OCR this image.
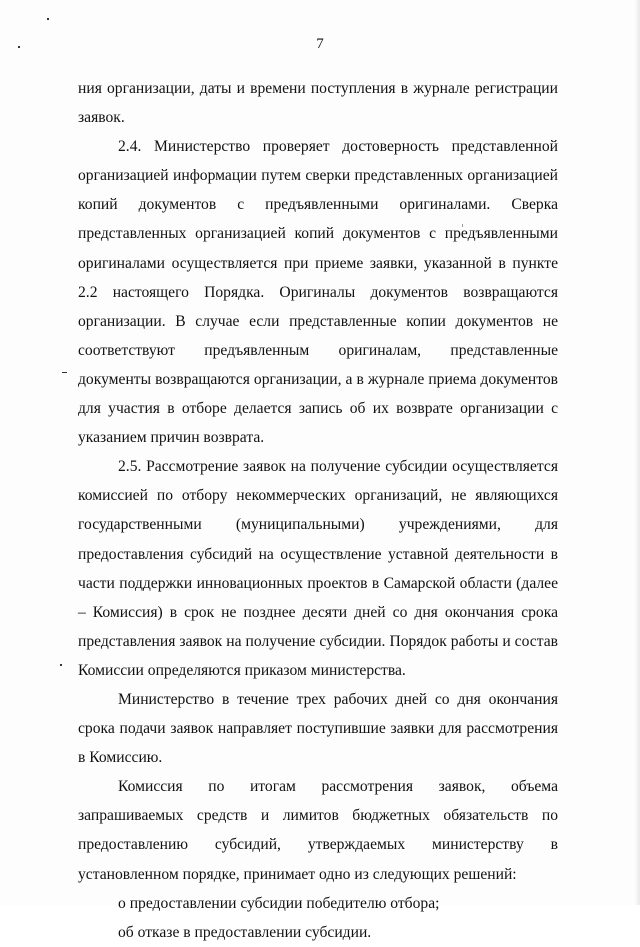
7

ния организации, даты и времени поступления в журнале регистрации заявок.

2.4. Министерство проверяет достоверность представленной организацией информации путем сверки представленных организацией копий документов с предъявленными оригиналами. Сверка представленных организацией копий документов с предъявленными оригиналами осуществляется при приеме заявки, указанной в пункте 2.2 настоящего Порядка. Оригиналы документов возвращаются организации. В случае если представленные копии документов не соответствуют предъявленным оригиналам, представленные документы возвращаются организации, а в журнале приема документов для участия в отборе делается запись об их возврате организации с указанием причин возврата.

2.5. Рассмотрение заявок на получение субсидии осуществляется комиссией по отбору некоммерческих организаций, не являющихся государственными (муниципальными) учреждениями, для предоставления субсидий на осуществление уставной деятельности в части поддержки инновационных проектов в Самарской области (далее – Комиссия) в срок не позднее десяти дней со дня окончания срока представления заявок на получение субсидии. Порядок работы и состав Комиссии определяются приказом министерства.

Министерство в течение трех рабочих дней со дня окончания срока подачи заявок направляет поступившие заявки для рассмотрения в Комиссию.

Комиссия по итогам рассмотрения заявок, объема запрашиваемых средств и лимитов бюджетных обязательств по предоставлению субсидий, утверждаемых министерству в установленном порядке, принимает одно из следующих решений:

о предоставлении субсидии победителю отбора;

об отказе в предоставлении субсидии.
